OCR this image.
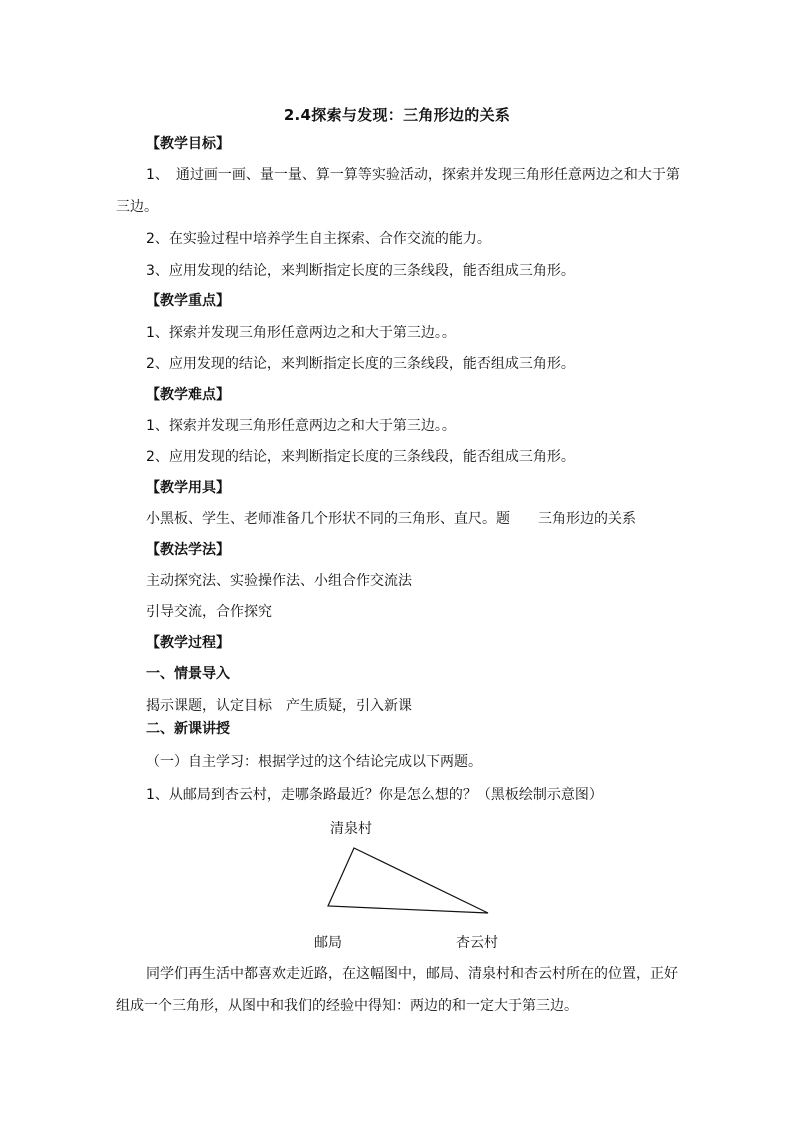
2.4探索与发现：三角形边的关系
【教学目标】
1、　通过画一画、量一量、算一算等实验活动，探索并发现三角形任意两边之和大于第
三边。
2、在实验过程中培养学生自主探索、合作交流的能力。
3、应用发现的结论，来判断指定长度的三条线段，能否组成三角形。
【教学重点】
1、探索并发现三角形任意两边之和大于第三边。。
2、应用发现的结论，来判断指定长度的三条线段，能否组成三角形。
【教学难点】
1、探索并发现三角形任意两边之和大于第三边。。
2、应用发现的结论，来判断指定长度的三条线段，能否组成三角形。
【教学用具】
小黑板、学生、老师准备几个形状不同的三角形、直尺。题　　三角形边的关系
【教法学法】
主动探究法、实验操作法、小组合作交流法
引导交流，合作探究
【教学过程】
一、情景导入
揭示课题，认定目标　产生质疑，引入新课
二、新课讲授
（一）自主学习：根据学过的这个结论完成以下两题。
1、从邮局到杏云村，走哪条路最近？你是怎么想的？（黑板绘制示意图）
清泉村
邮局	杏云村
同学们再生活中都喜欢走近路，在这幅图中，邮局、清泉村和杏云村所在的位置，正好
组成一个三角形，从图中和我们的经验中得知：两边的和一定大于第三边。
